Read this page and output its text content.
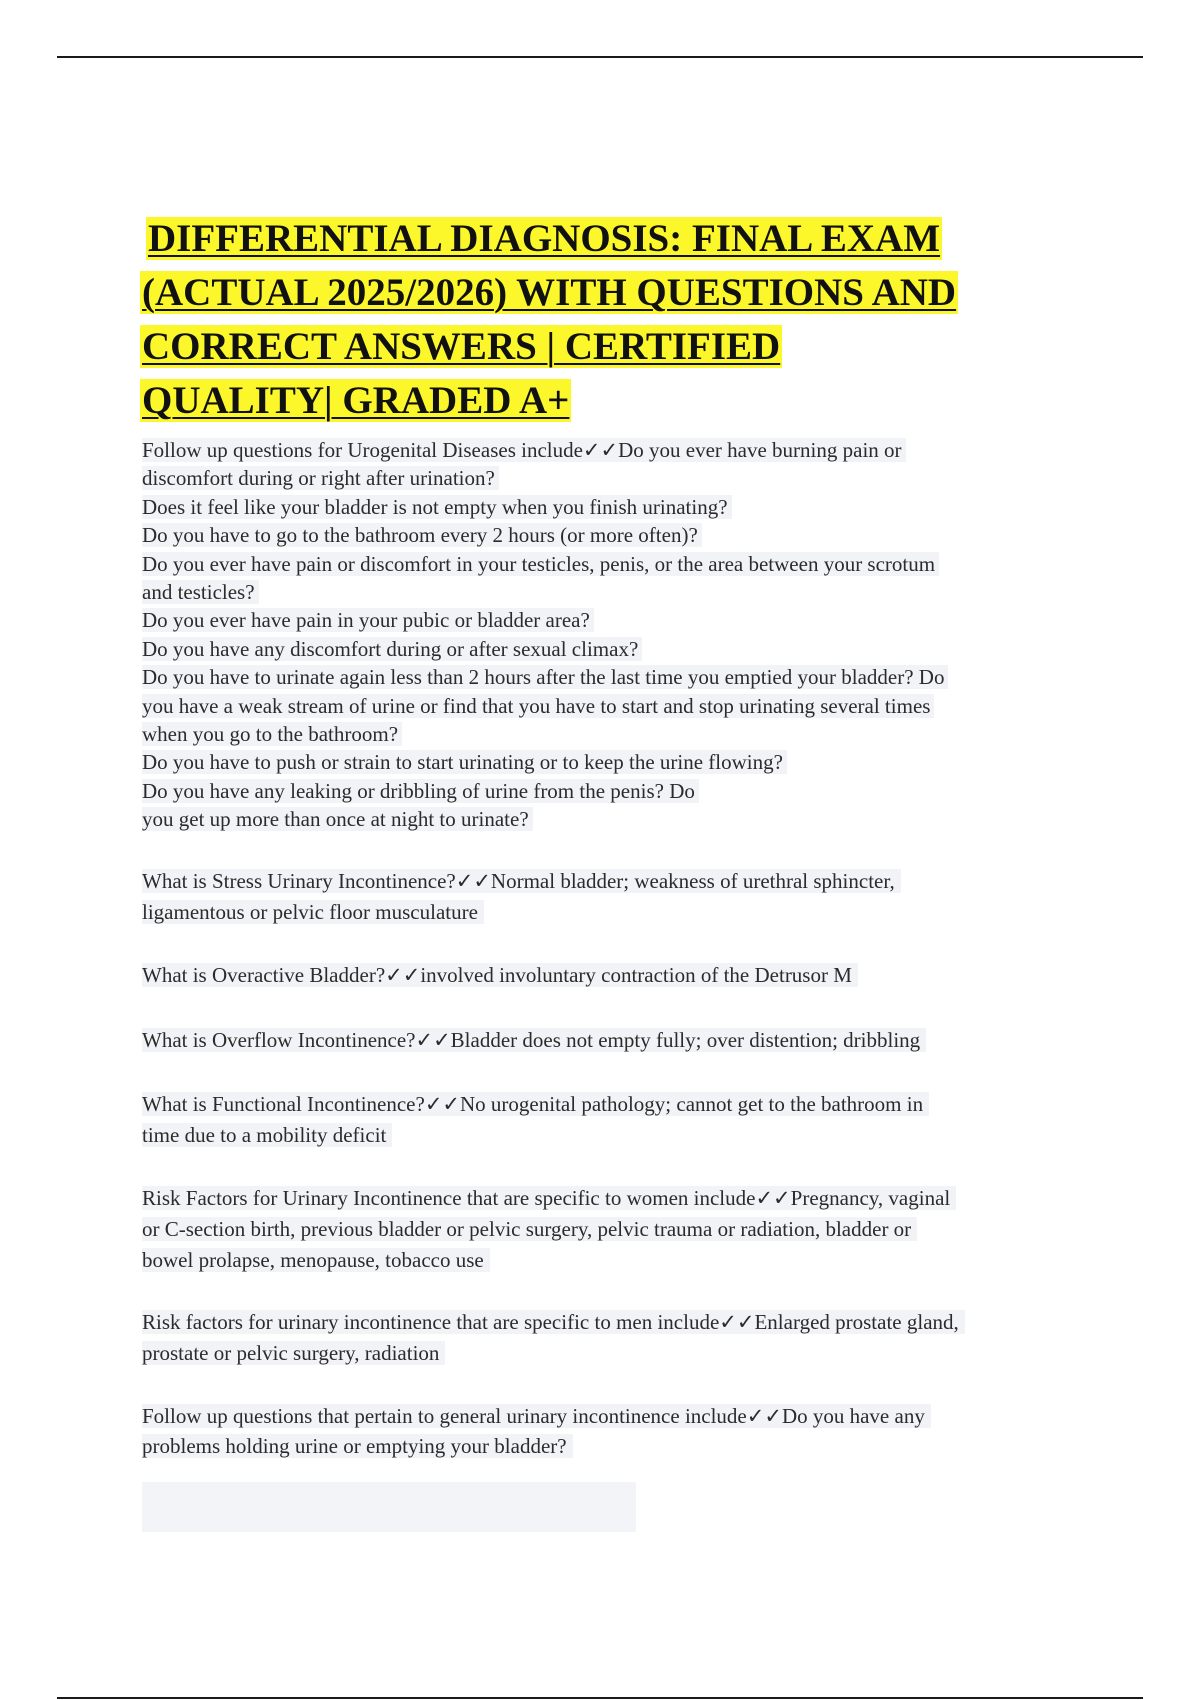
DIFFERENTIAL DIAGNOSIS: FINAL EXAM
(ACTUAL 2025/2026) WITH QUESTIONS AND
CORRECT ANSWERS | CERTIFIED
QUALITY| GRADED A+
Follow up questions for Urogenital Diseases include✓✓Do you ever have burning pain or
discomfort during or right after urination?
Does it feel like your bladder is not empty when you finish urinating?
Do you have to go to the bathroom every 2 hours (or more often)?
Do you ever have pain or discomfort in your testicles, penis, or the area between your scrotum
and testicles?
Do you ever have pain in your pubic or bladder area?
Do you have any discomfort during or after sexual climax?
Do you have to urinate again less than 2 hours after the last time you emptied your bladder? Do
you have a weak stream of urine or find that you have to start and stop urinating several times
when you go to the bathroom?
Do you have to push or strain to start urinating or to keep the urine flowing?
Do you have any leaking or dribbling of urine from the penis? Do
you get up more than once at night to urinate?
What is Stress Urinary Incontinence?✓✓Normal bladder; weakness of urethral sphincter,
ligamentous or pelvic floor musculature
What is Overactive Bladder?✓✓involved involuntary contraction of the Detrusor M
What is Overflow Incontinence?✓✓Bladder does not empty fully; over distention; dribbling
What is Functional Incontinence?✓✓No urogenital pathology; cannot get to the bathroom in
time due to a mobility deficit
Risk Factors for Urinary Incontinence that are specific to women include✓✓Pregnancy, vaginal
or C-section birth, previous bladder or pelvic surgery, pelvic trauma or radiation, bladder or
bowel prolapse, menopause, tobacco use
Risk factors for urinary incontinence that are specific to men include✓✓Enlarged prostate gland,
prostate or pelvic surgery, radiation
Follow up questions that pertain to general urinary incontinence include✓✓Do you have any
problems holding urine or emptying your bladder?
